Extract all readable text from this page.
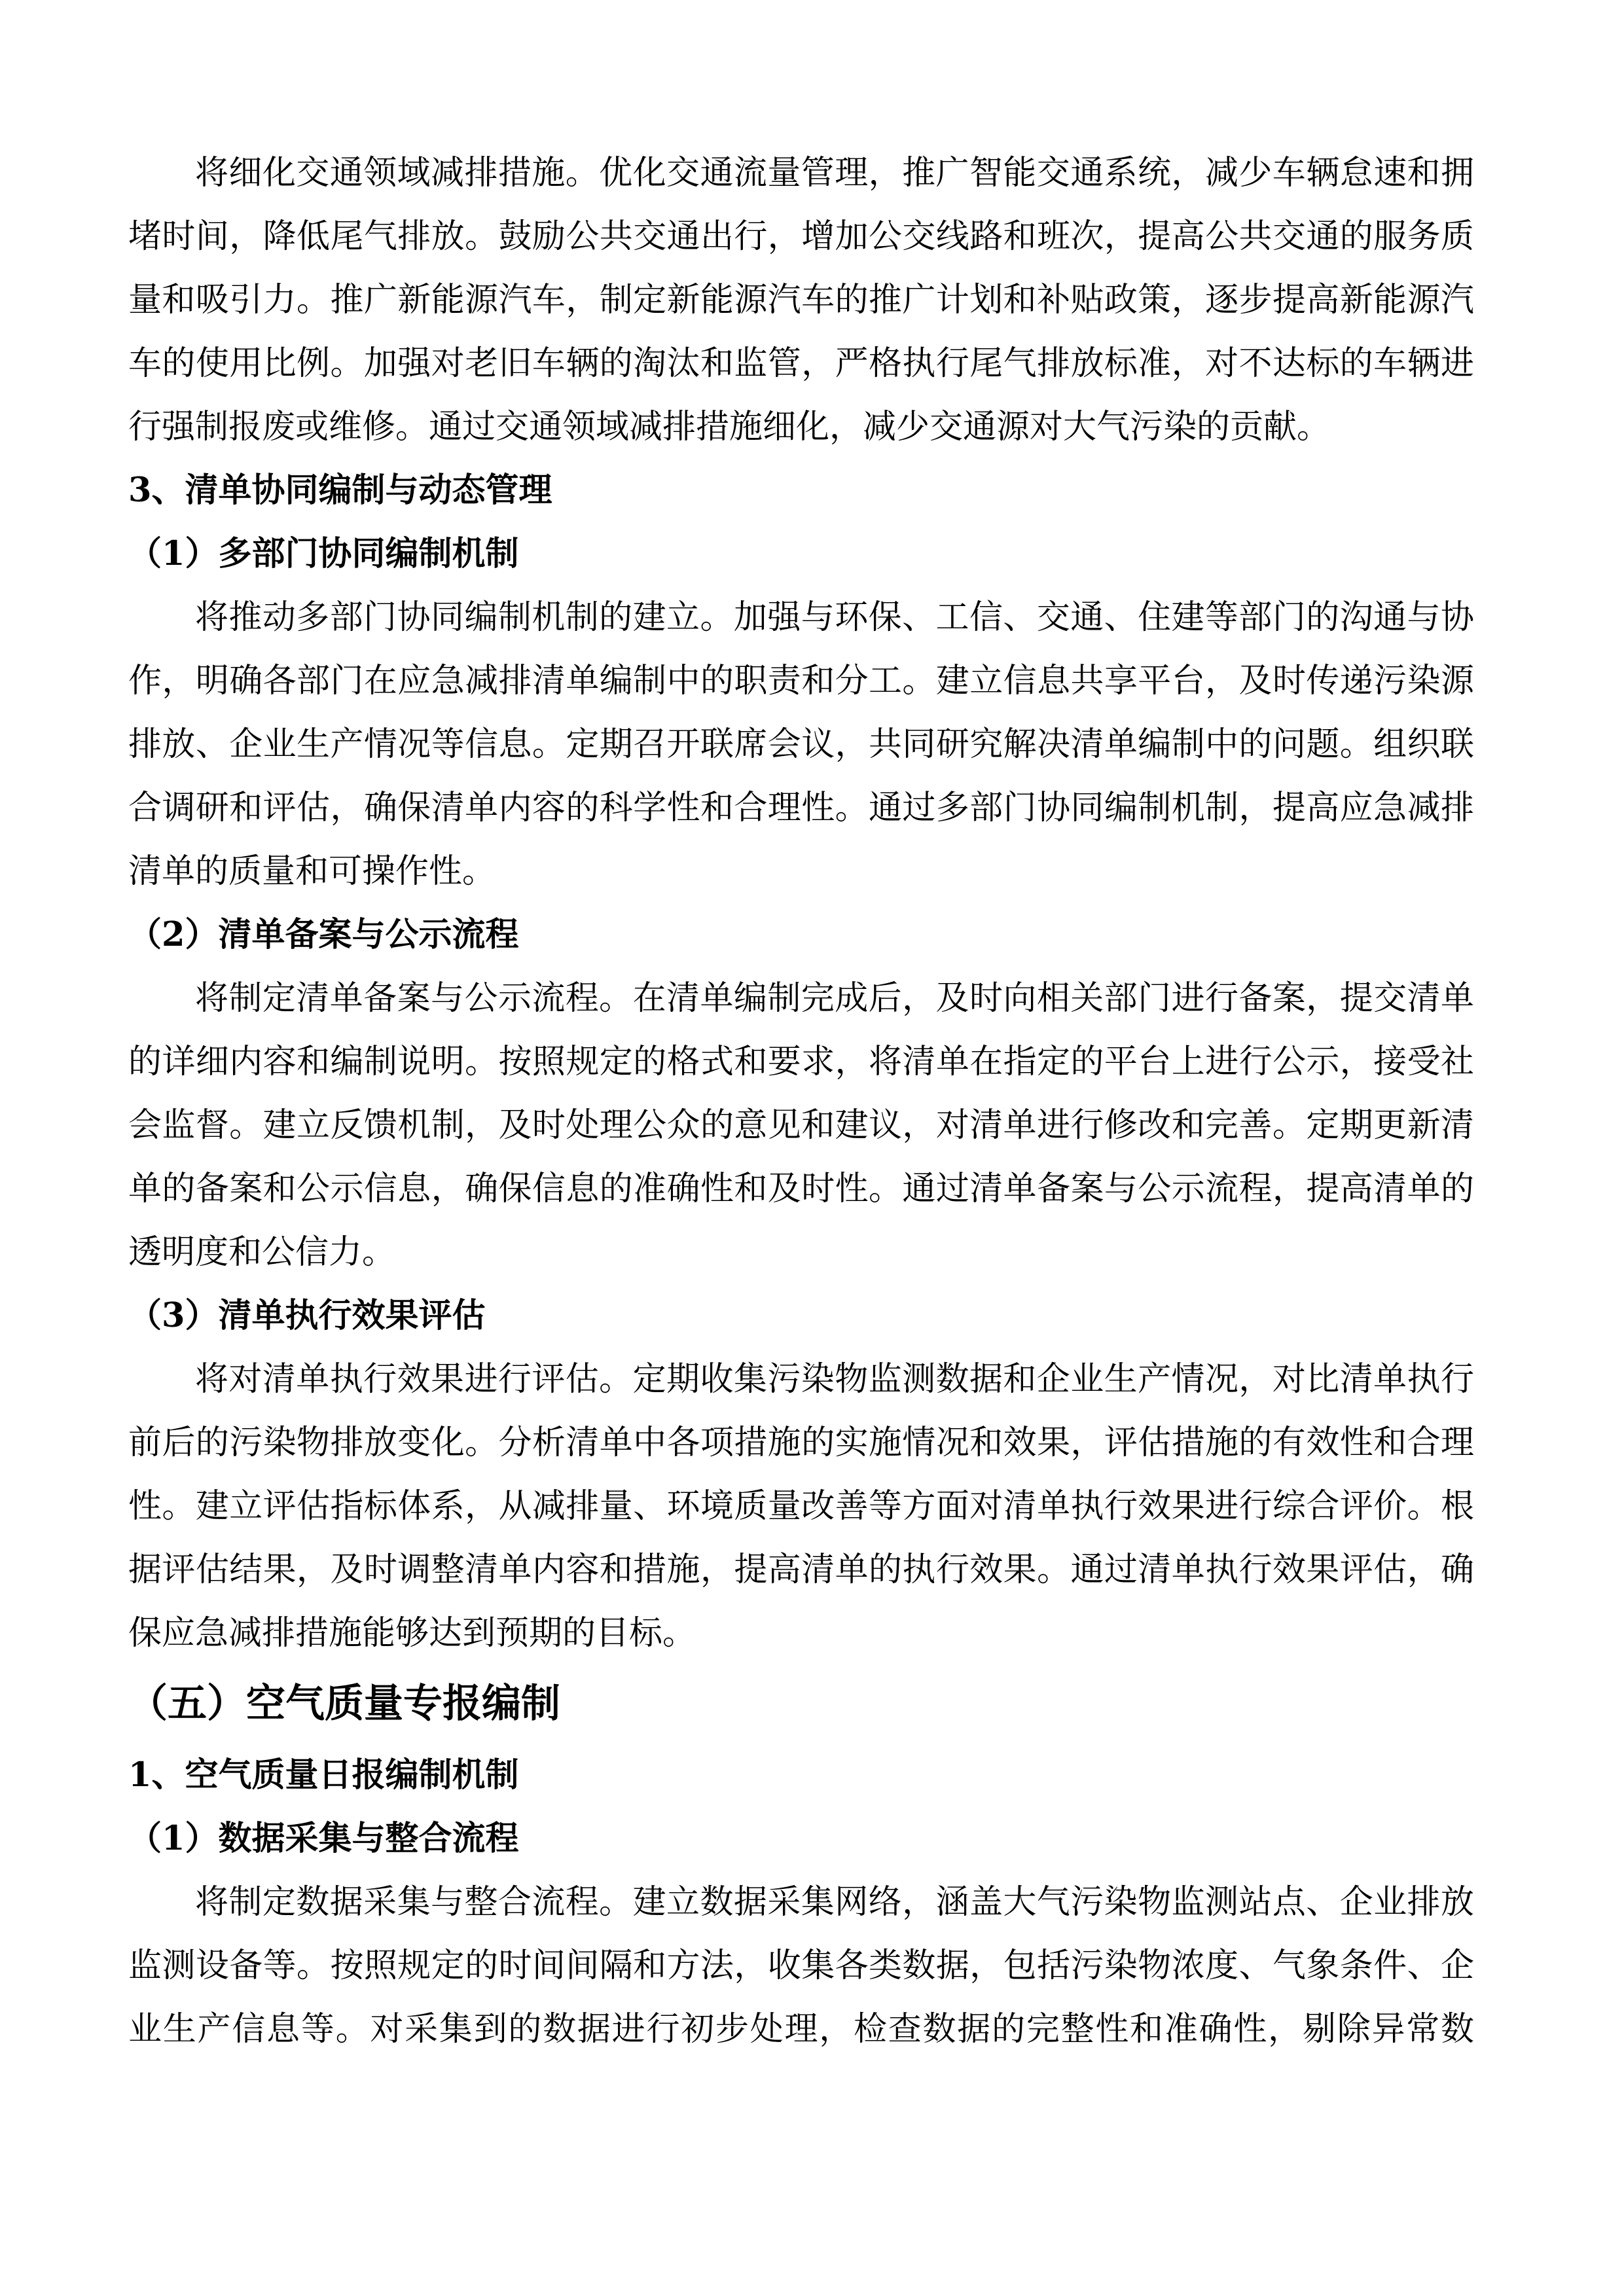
将细化交通领域减排措施。优化交通流量管理，推广智能交通系统，减少车辆怠速和拥
堵时间，降低尾气排放。鼓励公共交通出行，增加公交线路和班次，提高公共交通的服务质
量和吸引力。推广新能源汽车，制定新能源汽车的推广计划和补贴政策，逐步提高新能源汽
车的使用比例。加强对老旧车辆的淘汰和监管，严格执行尾气排放标准，对不达标的车辆进
行强制报废或维修。通过交通领域减排措施细化，减少交通源对大气污染的贡献。
3、清单协同编制与动态管理
（1）多部门协同编制机制
将推动多部门协同编制机制的建立。加强与环保、工信、交通、住建等部门的沟通与协
作，明确各部门在应急减排清单编制中的职责和分工。建立信息共享平台，及时传递污染源
排放、企业生产情况等信息。定期召开联席会议，共同研究解决清单编制中的问题。组织联
合调研和评估，确保清单内容的科学性和合理性。通过多部门协同编制机制，提高应急减排
清单的质量和可操作性。
（2）清单备案与公示流程
将制定清单备案与公示流程。在清单编制完成后，及时向相关部门进行备案，提交清单
的详细内容和编制说明。按照规定的格式和要求，将清单在指定的平台上进行公示，接受社
会监督。建立反馈机制，及时处理公众的意见和建议，对清单进行修改和完善。定期更新清
单的备案和公示信息，确保信息的准确性和及时性。通过清单备案与公示流程，提高清单的
透明度和公信力。
（3）清单执行效果评估
将对清单执行效果进行评估。定期收集污染物监测数据和企业生产情况，对比清单执行
前后的污染物排放变化。分析清单中各项措施的实施情况和效果，评估措施的有效性和合理
性。建立评估指标体系，从减排量、环境质量改善等方面对清单执行效果进行综合评价。根
据评估结果，及时调整清单内容和措施，提高清单的执行效果。通过清单执行效果评估，确
保应急减排措施能够达到预期的目标。
（五）空气质量专报编制
1、空气质量日报编制机制
（1）数据采集与整合流程
将制定数据采集与整合流程。建立数据采集网络，涵盖大气污染物监测站点、企业排放
监测设备等。按照规定的时间间隔和方法，收集各类数据，包括污染物浓度、气象条件、企
业生产信息等。对采集到的数据进行初步处理，检查数据的完整性和准确性，剔除异常数
